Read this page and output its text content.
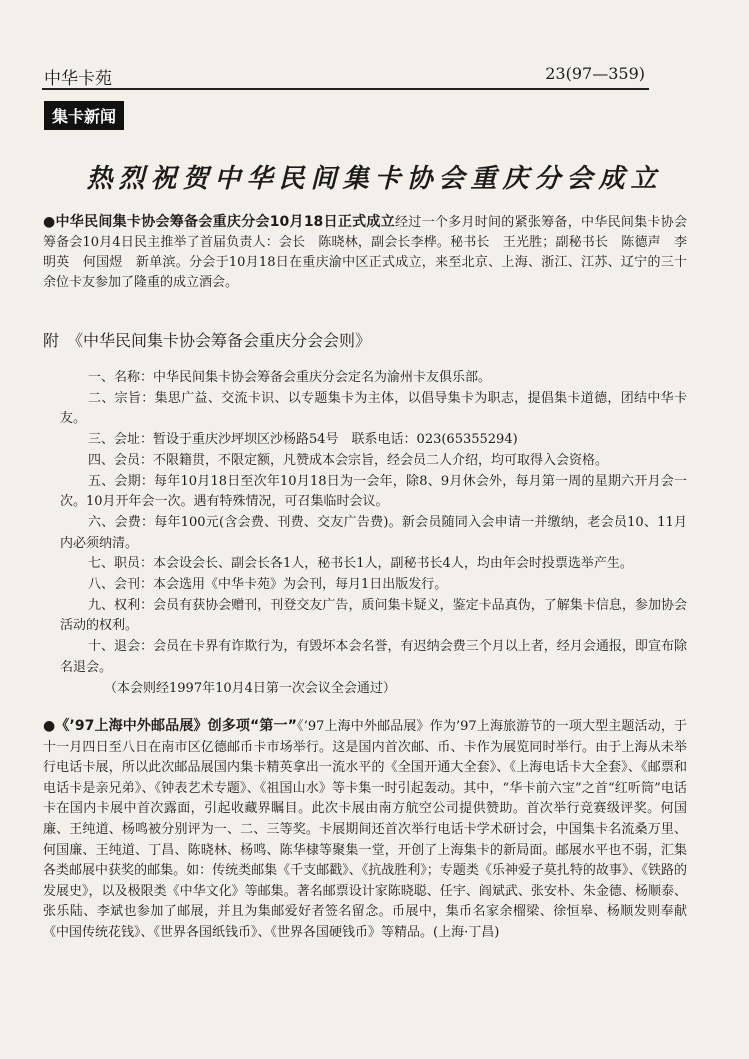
中华卡苑	23(97—359)
集卡新闻
热烈祝贺中华民间集卡协会重庆分会成立

●中华民间集卡协会筹备会重庆分会10月18日正式成立经过一个多月时间的紧张筹备，中华民间集卡协会筹备会10月4日民主推举了首届负责人：会长　陈晓林，副会长李桦。秘书长　王光胜；副秘书长　陈德声　李明英　何国煜　新单滨。分会于10月18日在重庆渝中区正式成立，来至北京、上海、浙江、江苏、辽宁的三十余位卡友参加了隆重的成立酒会。

附　《中华民间集卡协会筹备会重庆分会会则》

一、名称：中华民间集卡协会筹备会重庆分会定名为渝州卡友俱乐部。

二、宗旨：集思广益、交流卡识、以专题集卡为主体，以倡导集卡为职志，提倡集卡道德，团结中华卡友。

三、会址：暂设于重庆沙坪坝区沙杨路54号　联系电话：023(65355294)

四、会员：不限籍贯，不限定额，凡赞成本会宗旨，经会员二人介绍，均可取得入会资格。

五、会期：每年10月18日至次年10月18日为一会年，除8、9月休会外，每月第一周的星期六开月会一次。10月开年会一次。遇有特殊情况，可召集临时会议。

六、会费：每年100元(含会费、刊费、交友广告费)。新会员随同入会申请一并缴纳，老会员10、11月内必须纳清。

七、职员：本会设会长、副会长各1人，秘书长1人，副秘书长4人，均由年会时投票选举产生。

八、会刊：本会选用《中华卡苑》为会刊，每月1日出版发行。

九、权利：会员有获协会赠刊，刊登交友广告，质问集卡疑义，鉴定卡品真伪，了解集卡信息，参加协会活动的权利。

十、退会：会员在卡界有诈欺行为，有毁坏本会名誉，有迟纳会费三个月以上者，经月会通报，即宣布除名退会。

（本会则经1997年10月4日第一次会议全会通过）

●《’97上海中外邮品展》创多项“第一”《’97上海中外邮品展》作为’97上海旅游节的一项大型主题活动，于十一月四日至八日在南市区亿德邮币卡市场举行。这是国内首次邮、币、卡作为展览同时举行。由于上海从未举行电话卡展，所以此次邮品展国内集卡精英拿出一流水平的《全国开通大全套》、《上海电话卡大全套》、《邮票和电话卡是亲兄弟》、《钟表艺术专题》、《祖国山水》等卡集一时引起轰动。其中，“华卡前六宝”之首“红听筒”电话卡在国内卡展中首次露面，引起收藏界瞩目。此次卡展由南方航空公司提供赞助。首次举行竞赛级评奖。何国廉、王纯道、杨鸣被分别评为一、二、三等奖。卡展期间还首次举行电话卡学术研讨会，中国集卡名流桑万里、何国廉、王纯道、丁昌、陈晓林、杨鸣、陈华棣等聚集一堂，开创了上海集卡的新局面。邮展水平也不弱，汇集各类邮展中获奖的邮集。如：传统类邮集《千支邮戳》、《抗战胜利》；专题类《乐神爱子莫扎特的故事》、《铁路的发展史》，以及极限类《中华文化》等邮集。著名邮票设计家陈晓聪、任宇、阎斌武、张安朴、朱金德、杨顺泰、张乐陆、李斌也参加了邮展，并且为集邮爱好者签名留念。币展中，集币名家余榴梁、徐恒皋、杨顺发则奉献《中国传统花钱》、《世界各国纸钱币》、《世界各国硬钱币》等精品。(上海·丁昌)
